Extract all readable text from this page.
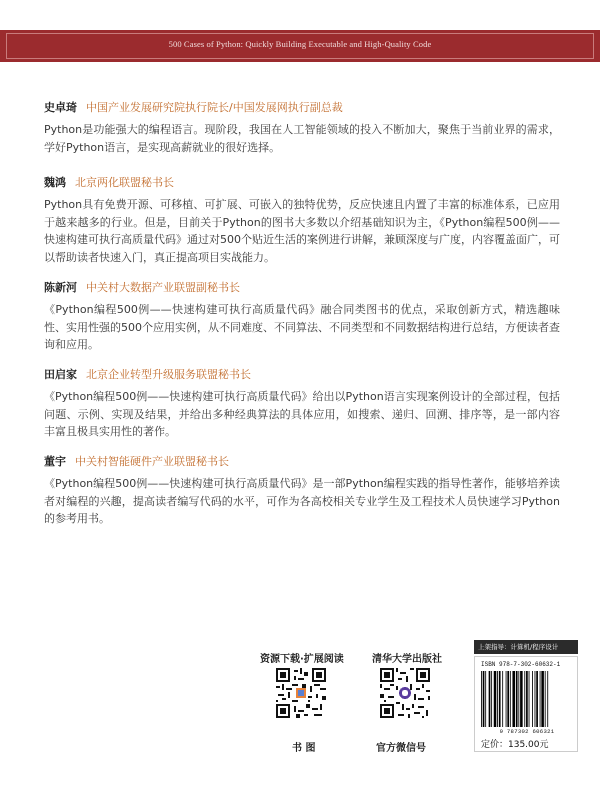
500 Cases of Python: Quickly Building Executable and High-Quality Code
史卓琦 中国产业发展研究院执行院长/中国发展网执行副总裁
Python是功能强大的编程语言。现阶段，我国在人工智能领域的投入不断加大，聚焦于当前业界的需求，学好Python语言，是实现高薪就业的很好选择。
魏鸿 北京两化联盟秘书长
Python具有免费开源、可移植、可扩展、可嵌入的独特优势，反应快速且内置了丰富的标准体系，已应用于越来越多的行业。但是，目前关于Python的图书大多数以介绍基础知识为主，《Python编程500例——快速构建可执行高质量代码》通过对500个贴近生活的案例进行讲解，兼顾深度与广度，内容覆盖面广，可以帮助读者快速入门，真正提高项目实战能力。
陈新河 中关村大数据产业联盟副秘书长
《Python编程500例——快速构建可执行高质量代码》融合同类图书的优点，采取创新方式，精选趣味性、实用性强的500个应用实例，从不同难度、不同算法、不同类型和不同数据结构进行总结，方便读者查询和应用。
田启家 北京企业转型升级服务联盟秘书长
《Python编程500例——快速构建可执行高质量代码》给出以Python语言实现案例设计的全部过程，包括问题、示例、实现及结果，并给出多种经典算法的具体应用，如搜索、递归、回溯、排序等，是一部内容丰富且极具实用性的著作。
董宇 中关村智能硬件产业联盟秘书长
《Python编程500例——快速构建可执行高质量代码》是一部Python编程实践的指导性著作，能够培养读者对编程的兴趣，提高读者编写代码的水平，可作为各高校相关专业学生及工程技术人员快速学习Python的参考用书。
资源下载·扩展阅读
书 图
清华大学出版社
官方微信号
上架指导：计算机/程序设计
ISBN 978-7-302-60632-1
9 787302 606321
定价：135.00元
